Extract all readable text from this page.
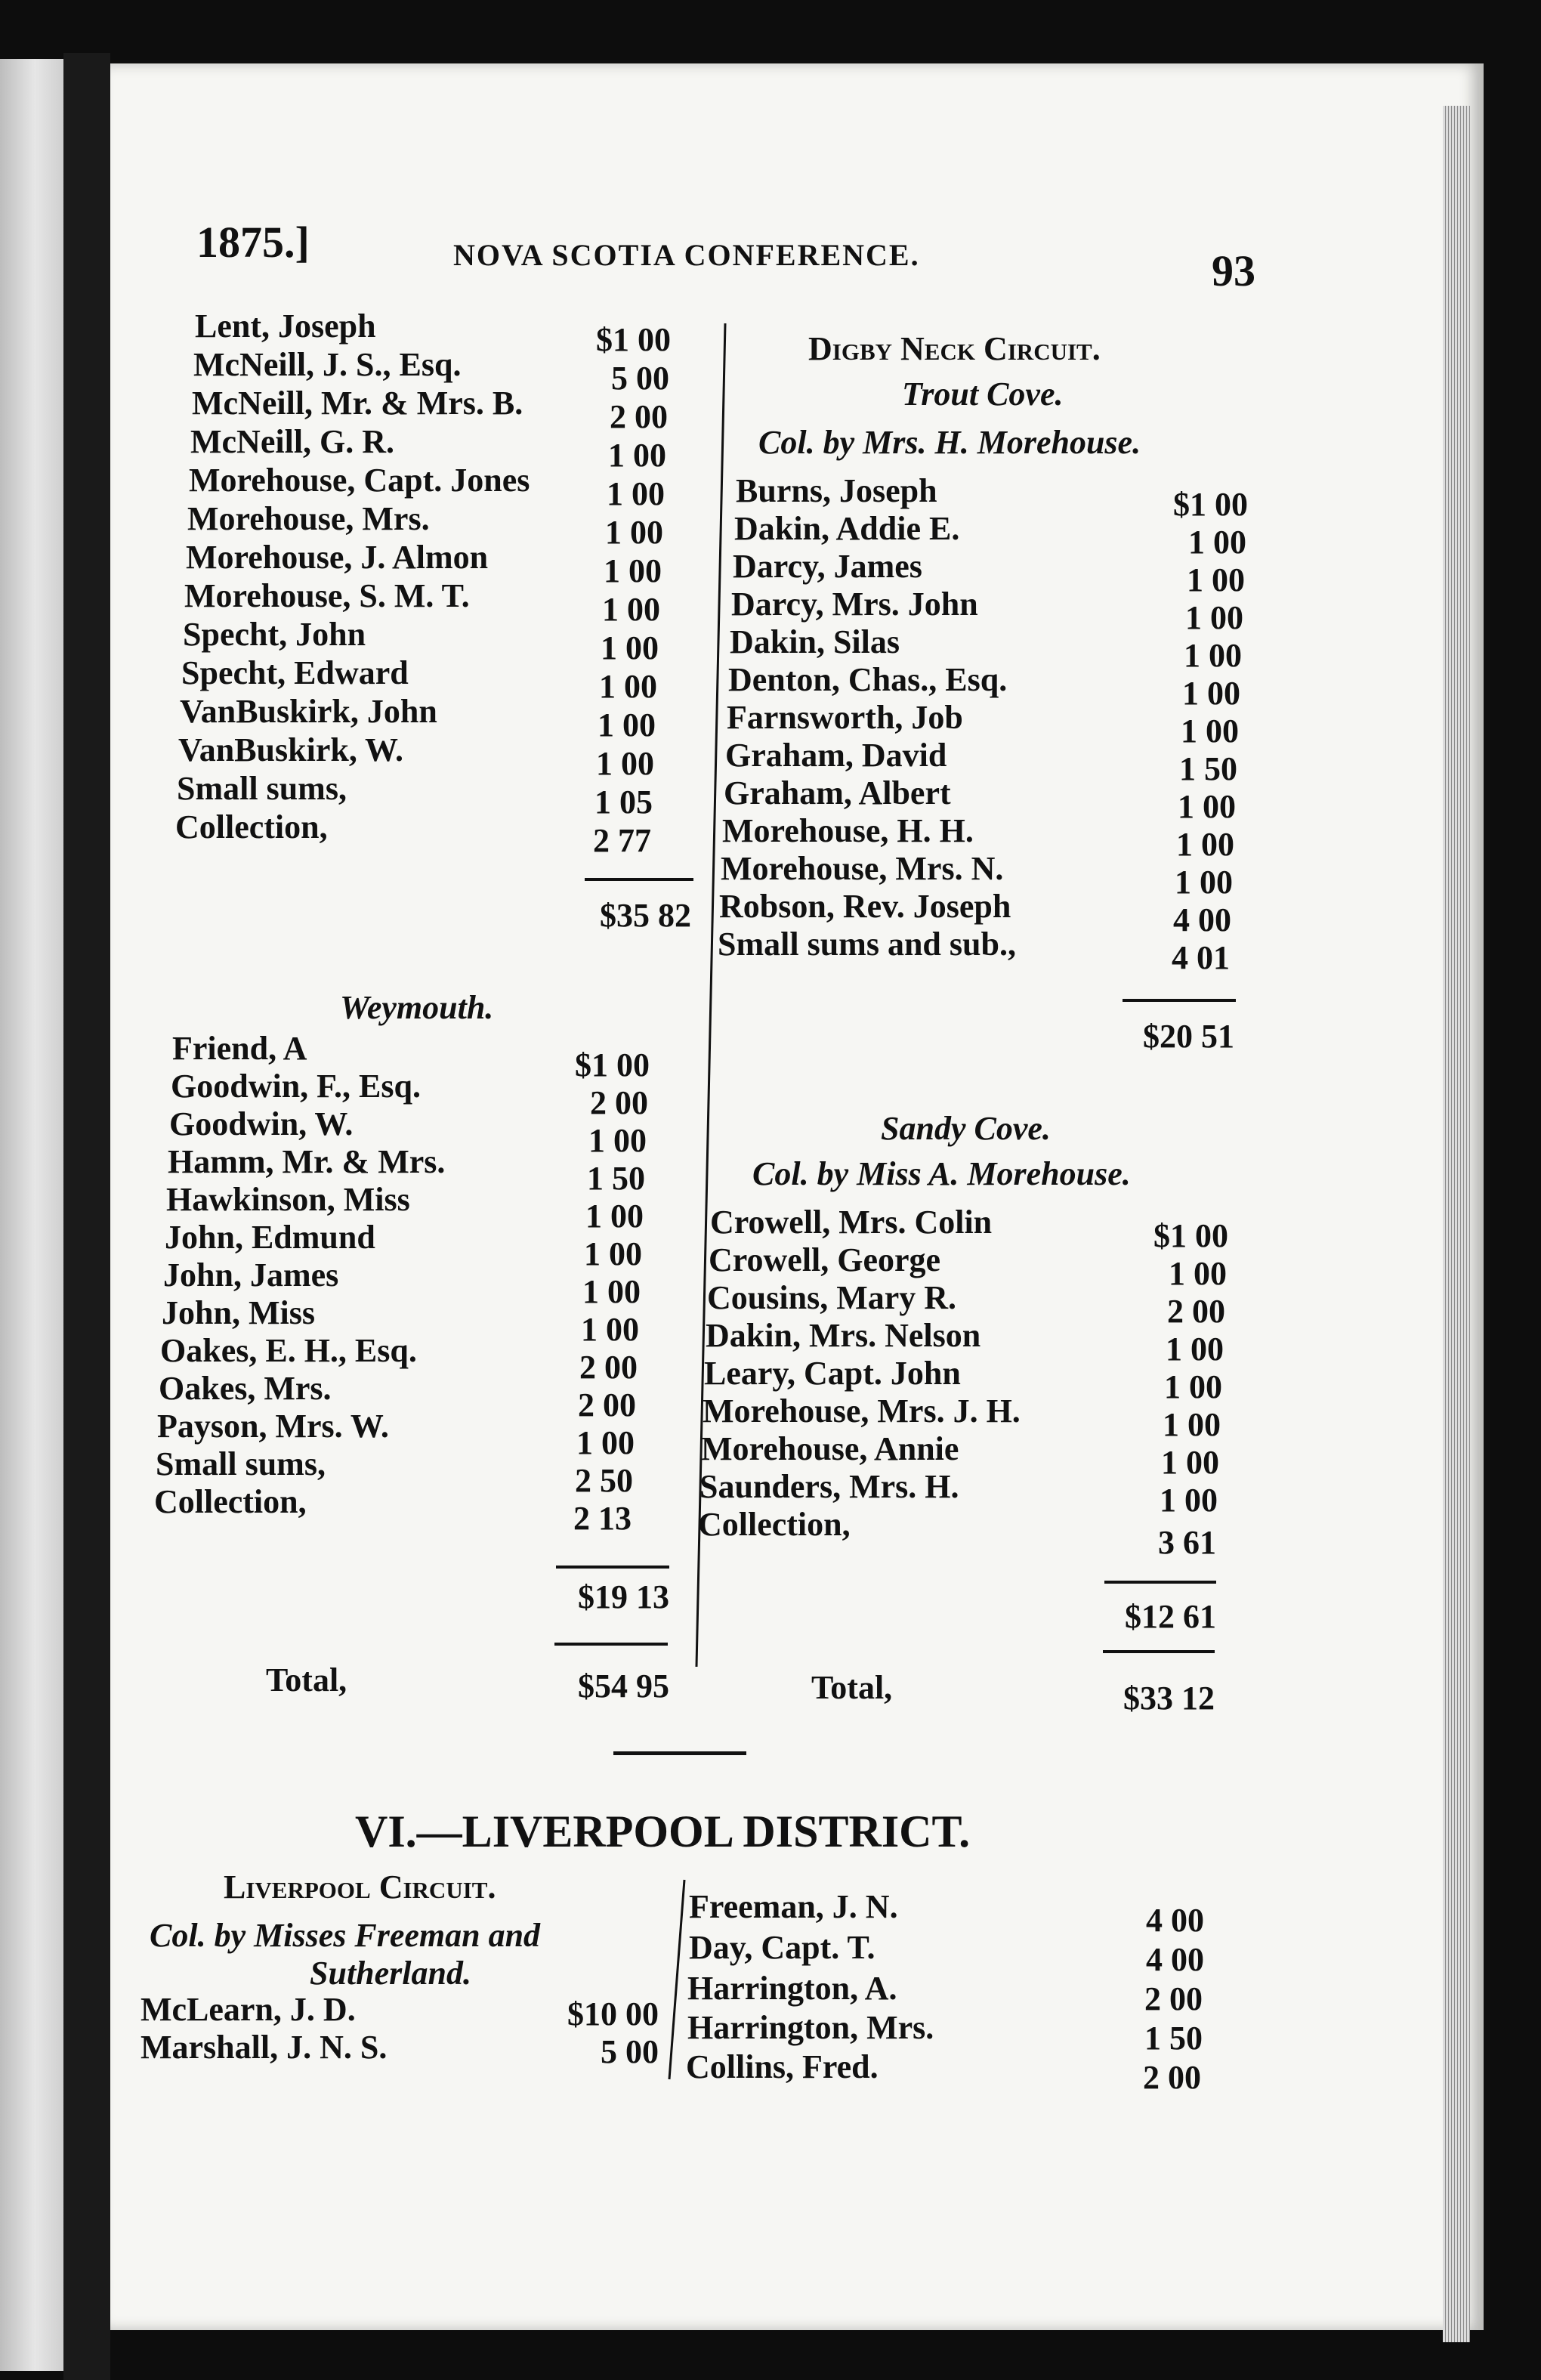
1875.]	NOVA SCOTIA CONFERENCE.	93
Lent, Joseph	$1 00
McNeill, J. S., Esq.	5 00
McNeill, Mr. & Mrs. B.	2 00
McNeill, G. R.	1 00
Morehouse, Capt. Jones	1 00
Morehouse, Mrs.	1 00
Morehouse, J. Almon	1 00
Morehouse, S. M. T.	1 00
Specht, John	1 00
Specht, Edward	1 00
VanBuskirk, John	1 00
VanBuskirk, W.	1 00
Small sums,	1 05
Collection,	2 77
$35 82
Weymouth.
Friend, A	$1 00
Goodwin, F., Esq.	2 00
Goodwin, W.	1 00
Hamm, Mr. & Mrs.	1 50
Hawkinson, Miss	1 00
John, Edmund	1 00
John, James	1 00
John, Miss	1 00
Oakes, E. H., Esq.	2 00
Oakes, Mrs.	2 00
Payson, Mrs. W.	1 00
Small sums,	2 50
Collection,	2 13
$19 13
Total,	$54 95
Digby Neck Circuit.
Trout Cove.
Col. by Mrs. H. Morehouse.
Burns, Joseph	$1 00
Dakin, Addie E.	1 00
Darcy, James	1 00
Darcy, Mrs. John	1 00
Dakin, Silas	1 00
Denton, Chas., Esq.	1 00
Farnsworth, Job	1 00
Graham, David	1 50
Graham, Albert	1 00
Morehouse, H. H.	1 00
Morehouse, Mrs. N.	1 00
Robson, Rev. Joseph	4 00
Small sums and sub.,	4 01
$20 51
Sandy Cove.
Col. by Miss A. Morehouse.
Crowell, Mrs. Colin	$1 00
Crowell, George	1 00
Cousins, Mary R.	2 00
Dakin, Mrs. Nelson	1 00
Leary, Capt. John	1 00
Morehouse, Mrs. J. H.	1 00
Morehouse, Annie	1 00
Saunders, Mrs. H.	1 00
Collection,	3 61
$12 61
Total,	$33 12
VI.—LIVERPOOL DISTRICT.
Liverpool Circuit.
Col. by Misses Freeman and
Sutherland.
McLearn, J. D.	$10 00
Marshall, J. N. S.	5 00
Freeman, J. N.	4 00
Day, Capt. T.	4 00
Harrington, A.	2 00
Harrington, Mrs.	1 50
Collins, Fred.	2 00
